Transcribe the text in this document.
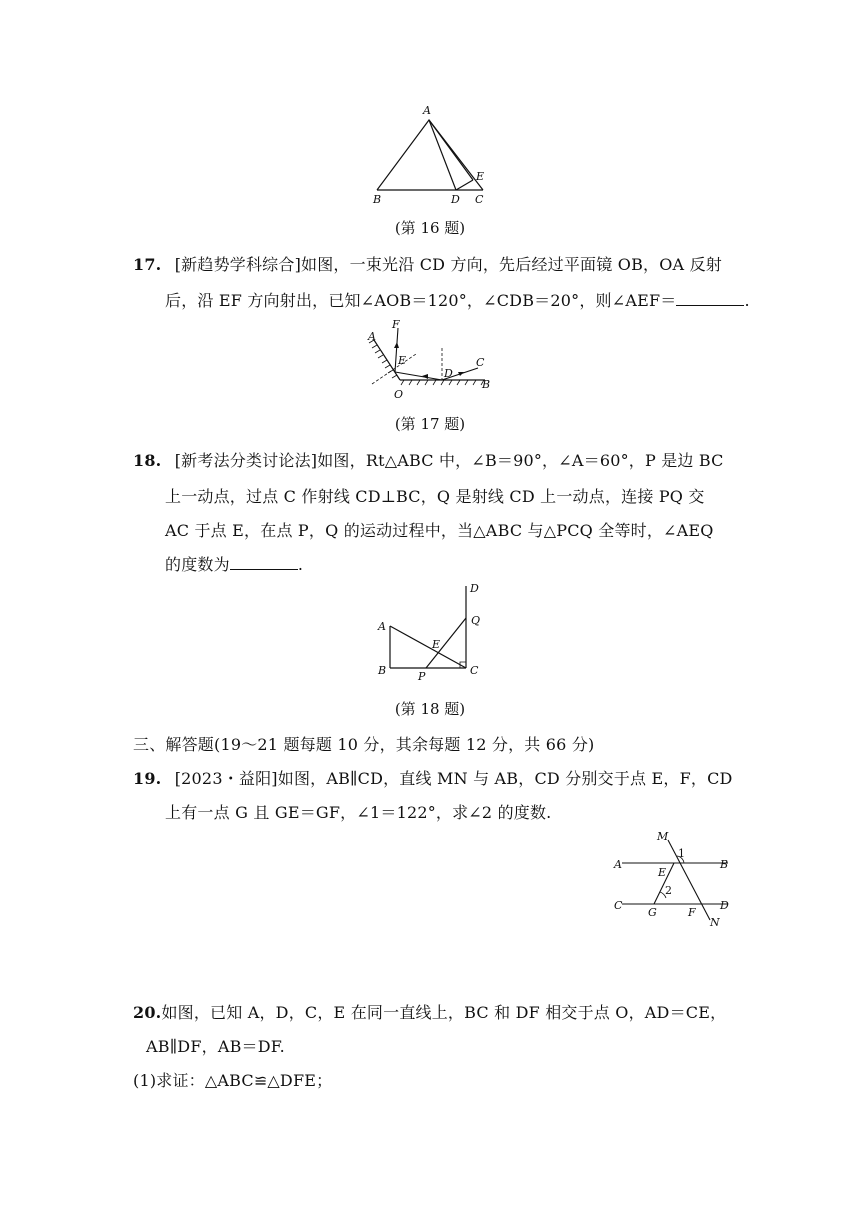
A
B	D C
E
(第 16 题)
17. [新趋势学科综合]如图，一束光沿 CD 方向，先后经过平面镜 OB，OA 反射
后，沿 EF 方向射出，已知∠AOB＝120°，∠CDB＝20°，则∠AEF＝	.
A
F
E	C
D
B
O
(第 17 题)
18. [新考法分类讨论法]如图，Rt△ABC 中，∠B＝90°，∠A＝60°，P 是边 BC
上一动点，过点 C 作射线 CD⊥BC，Q 是射线 CD 上一动点，连接 PQ 交
AC 于点 E，在点 P，Q 的运动过程中，当△ABC 与△PCQ 全等时，∠AEQ
的度数为	.
D
Q
A
E
B	P	C
(第 18 题)
三、解答题(19～21 题每题 10 分，其余每题 12 分，共 66 分)
19. [2023・益阳]如图，AB∥CD，直线 MN 与 AB，CD 分别交于点 E，F，CD
上有一点 G 且 GE＝GF，∠1＝122°，求∠2 的度数.
M
1
A	B
E
2
C
G	F
D
N
20.如图，已知 A，D，C，E 在同一直线上，BC 和 DF 相交于点 O，AD＝CE，
AB∥DF，AB＝DF.
(1)求证：△ABC≌△DFE；
